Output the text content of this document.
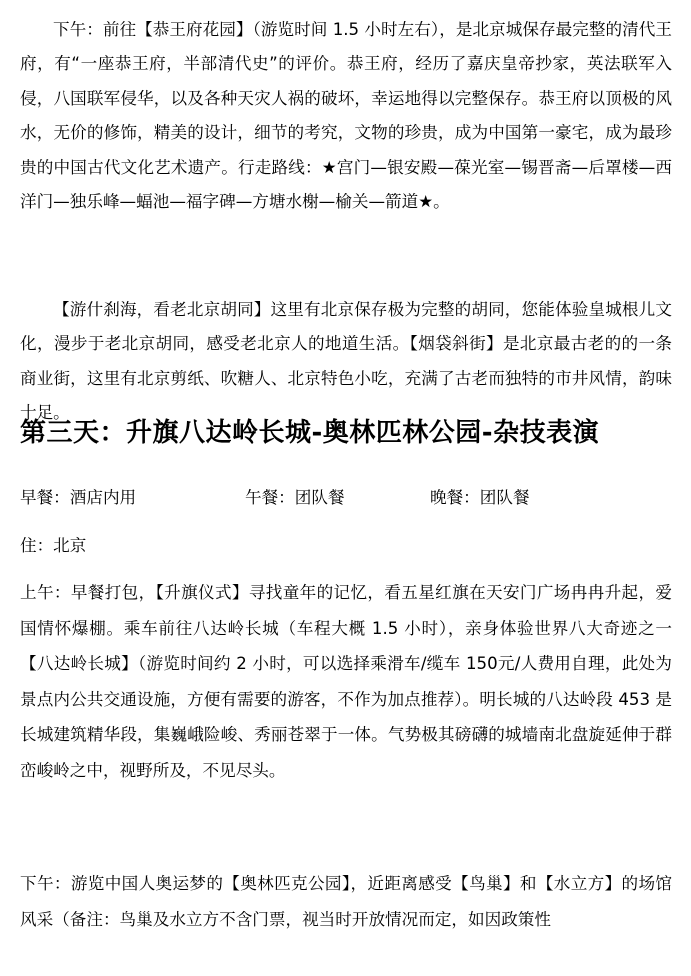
下午：前往【恭王府花园】（游览时间 1.5 小时左右），是北京城保存最完整的清代王府，有“一座恭王府，半部清代史”的评价。恭王府，经历了嘉庆皇帝抄家，英法联军入侵，八国联军侵华，以及各种天灾人祸的破坏，幸运地得以完整保存。恭王府以顶极的风水，无价的修饰，精美的设计，细节的考究，文物的珍贵，成为中国第一豪宅，成为最珍贵的中国古代文化艺术遗产。行走路线：★宫门—银安殿—葆光室—锡晋斋—后罩楼—西洋门—独乐峰—蝠池—福字碑—方塘水榭—榆关—箭道★。

【游什刹海，看老北京胡同】这里有北京保存极为完整的胡同，您能体验皇城根儿文化，漫步于老北京胡同，感受老北京人的地道生活。【烟袋斜街】是北京最古老的的一条商业街，这里有北京剪纸、吹糖人、北京特色小吃，充满了古老而独特的市井风情，韵味十足。

第三天：升旗八达岭长城-奥林匹林公园-杂技表演
早餐：酒店内用	午餐：团队餐	晚餐：团队餐
住：北京

上午：早餐打包，【升旗仪式】寻找童年的记忆，看五星红旗在天安门广场冉冉升起，爱国情怀爆棚。乘车前往八达岭长城（车程大概 1.5 小时），亲身体验世界八大奇迹之一【八达岭长城】（游览时间约 2 小时，可以选择乘滑车/缆车 150元/人费用自理，此处为景点内公共交通设施，方便有需要的游客，不作为加点推荐）。明长城的八达岭段 453 是长城建筑精华段，集巍峨险峻、秀丽苍翠于一体。气势极其磅礴的城墙南北盘旋延伸于群峦峻岭之中，视野所及，不见尽头。

下午：游览中国人奥运梦的【奥林匹克公园】，近距离感受【鸟巢】和【水立方】的场馆风采（备注：鸟巢及水立方不含门票，视当时开放情况而定，如因政策性
